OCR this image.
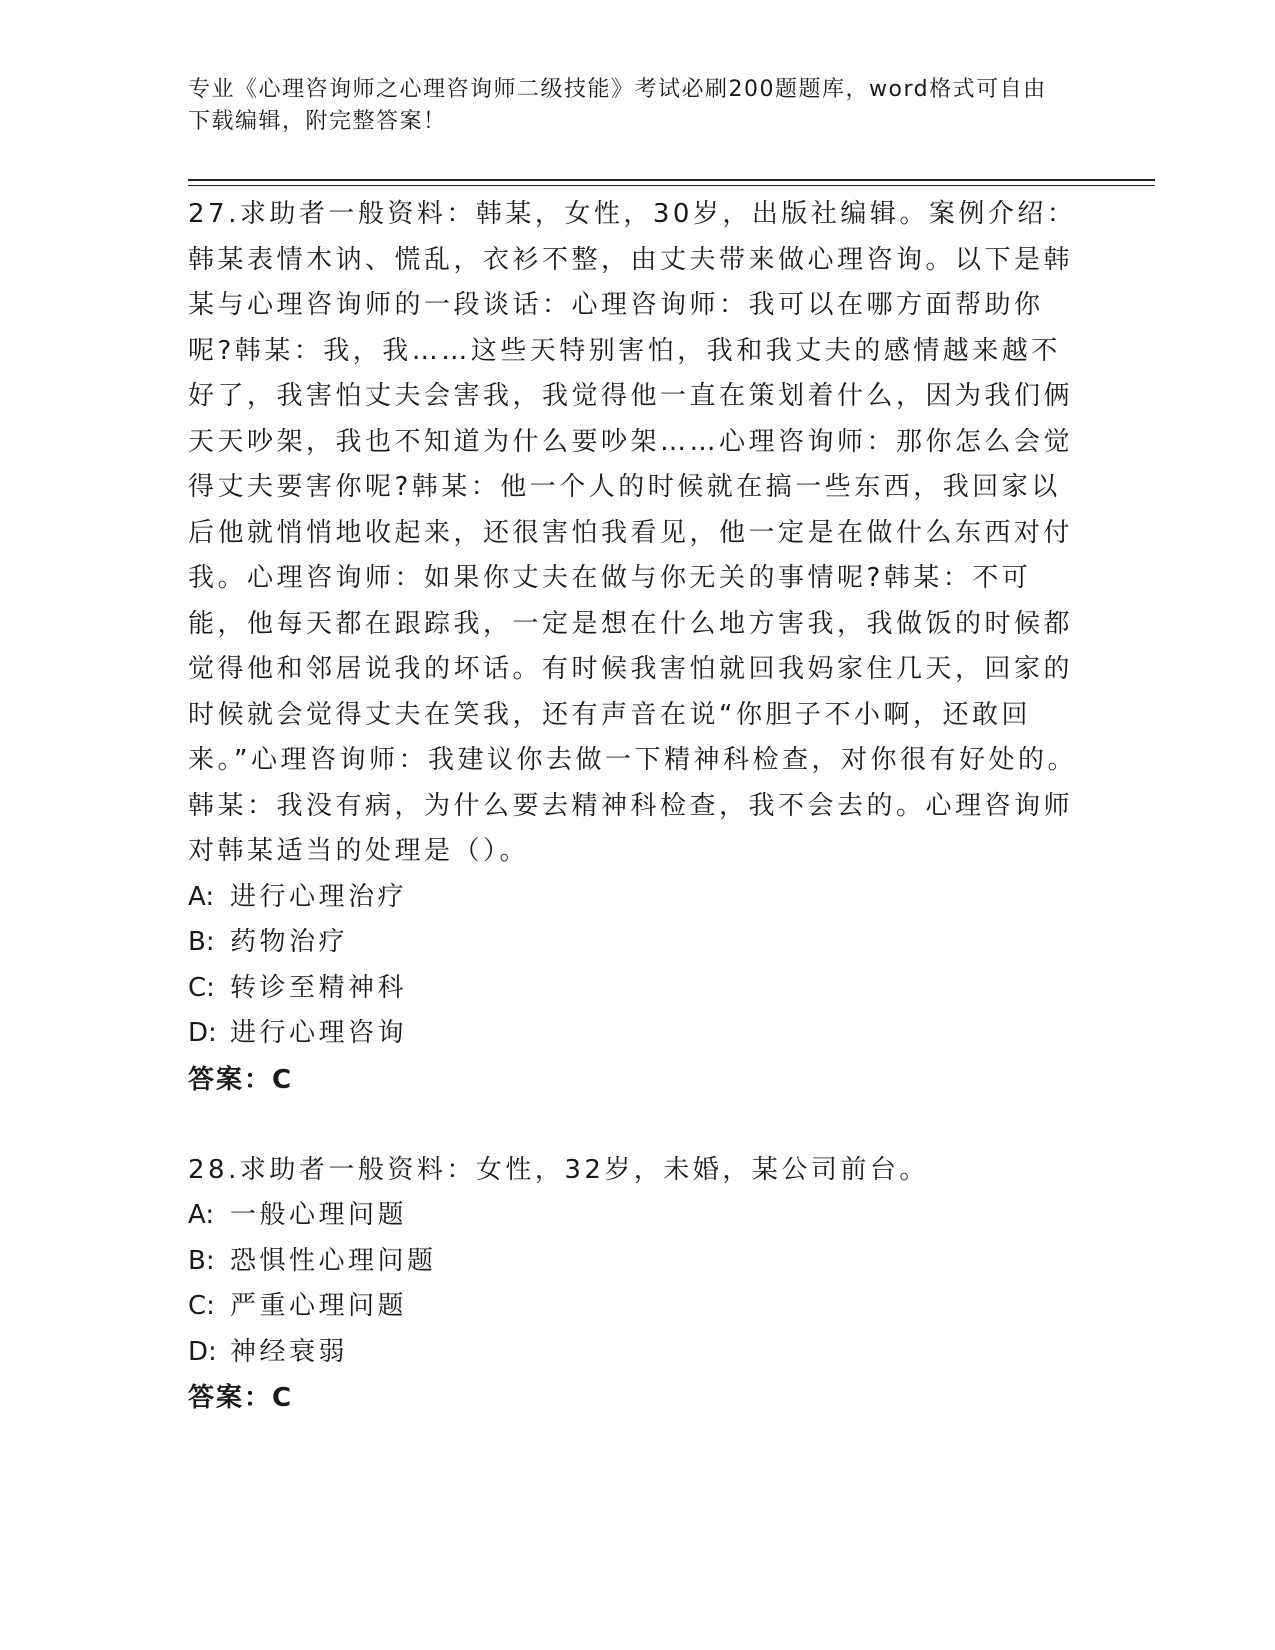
专业《心理咨询师之心理咨询师二级技能》考试必刷200题题库，word格式可自由下载编辑，附完整答案！

27.求助者一般资料：韩某，女性，30岁，出版社编辑。案例介绍：韩某表情木讷、慌乱，衣衫不整，由丈夫带来做心理咨询。以下是韩某与心理咨询师的一段谈话：心理咨询师：我可以在哪方面帮助你呢?韩某：我，我……这些天特别害怕，我和我丈夫的感情越来越不好了，我害怕丈夫会害我，我觉得他一直在策划着什么，因为我们俩天天吵架，我也不知道为什么要吵架……心理咨询师：那你怎么会觉得丈夫要害你呢?韩某：他一个人的时候就在搞一些东西，我回家以后他就悄悄地收起来，还很害怕我看见，他一定是在做什么东西对付我。心理咨询师：如果你丈夫在做与你无关的事情呢?韩某：不可能，他每天都在跟踪我，一定是想在什么地方害我，我做饭的时候都觉得他和邻居说我的坏话。有时候我害怕就回我妈家住几天，回家的时候就会觉得丈夫在笑我，还有声音在说“你胆子不小啊，还敢回来。”心理咨询师：我建议你去做一下精神科检查，对你很有好处的。韩某：我没有病，为什么要去精神科检查，我不会去的。心理咨询师对韩某适当的处理是（）。

A: 进行心理治疗

B: 药物治疗

C: 转诊至精神科

D: 进行心理咨询

答案：C

28.求助者一般资料：女性，32岁，未婚，某公司前台。

A: 一般心理问题

B: 恐惧性心理问题

C: 严重心理问题

D: 神经衰弱

答案：C
